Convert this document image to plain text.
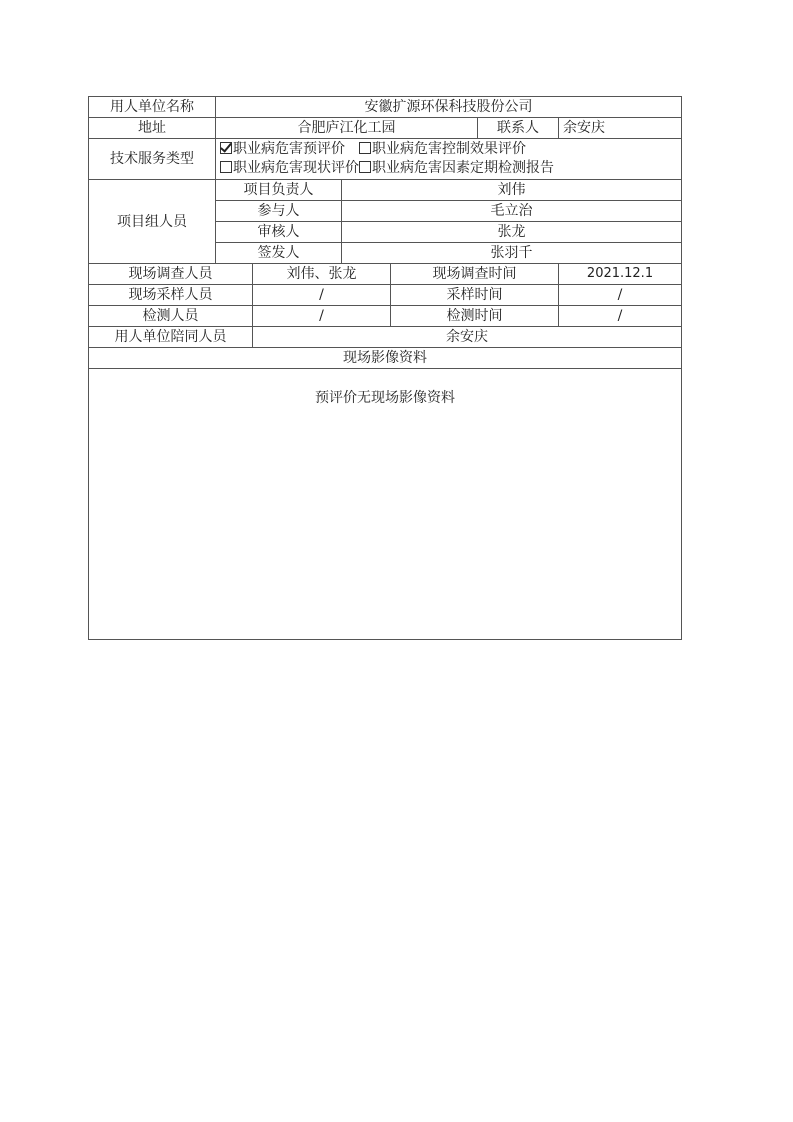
用人单位名称	安徽扩源环保科技股份公司					
地址	合肥庐江化工园				联系人	余安庆
技术服务类型	职业病危害预评价 职业病危害控制效果评价
职业病危害现状评价 职业病危害因素定期检测报告					

项目组人员	项目负责人		刘伟			
	参与人		毛立治			
	审核人		张龙			
	签发人		张羽千			
现场调查人员		刘伟、张龙		现场调查时间		2021.12.1
现场采样人员		/		采样时间		/
检测人员		/		检测时间		/
用人单位陪同人员		余安庆				
现场影像资料						
预评价无现场影像资料						
